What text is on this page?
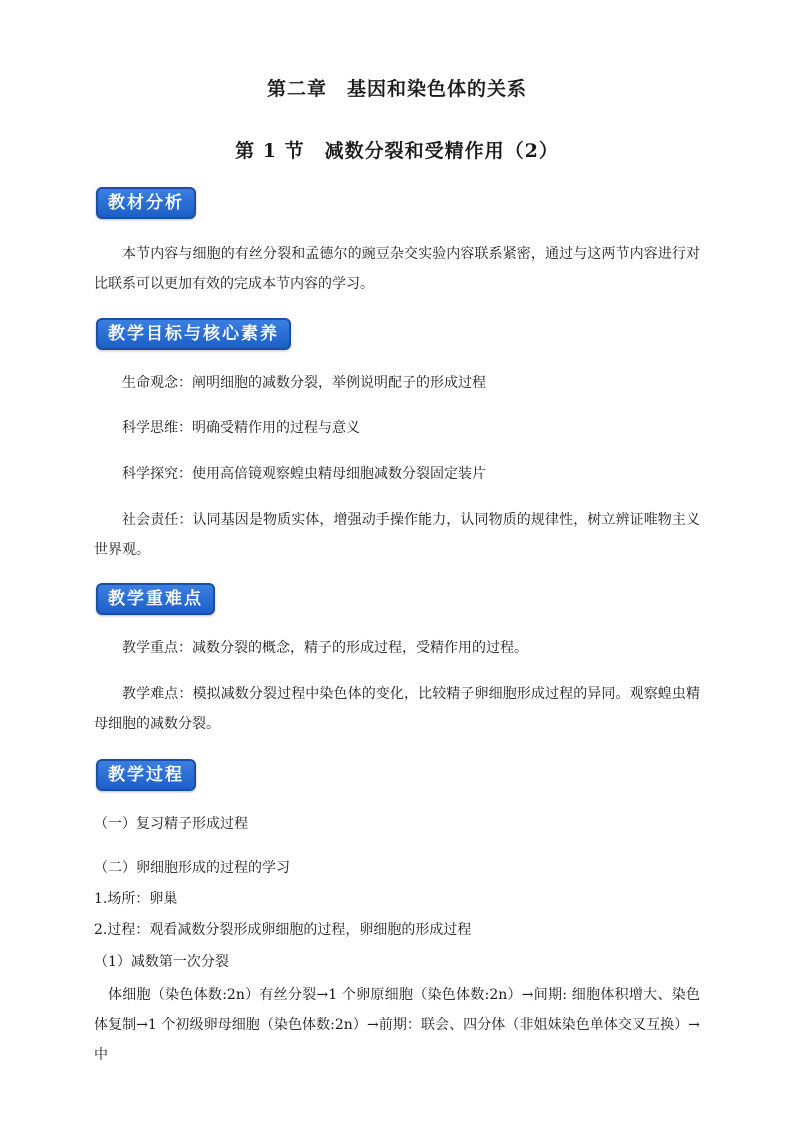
第二章　基因和染色体的关系
第 1 节　减数分裂和受精作用（2）
教材分析
本节内容与细胞的有丝分裂和孟德尔的豌豆杂交实验内容联系紧密，通过与这两节内容进行对比联系可以更加有效的完成本节内容的学习。
教学目标与核心素养
生命观念：阐明细胞的减数分裂，举例说明配子的形成过程
科学思维：明确受精作用的过程与意义
科学探究：使用高倍镜观察蝗虫精母细胞减数分裂固定装片
社会责任：认同基因是物质实体，增强动手操作能力，认同物质的规律性，树立辨证唯物主义世界观。
教学重难点
教学重点：减数分裂的概念，精子的形成过程，受精作用的过程。
教学难点：模拟减数分裂过程中染色体的变化，比较精子卵细胞形成过程的异同。观察蝗虫精母细胞的减数分裂。
教学过程
（一）复习精子形成过程
（二）卵细胞形成的过程的学习
1.场所：卵巢
2.过程：观看减数分裂形成卵细胞的过程，卵细胞的形成过程
（1）减数第一次分裂
体细胞（染色体数:2n）有丝分裂→1 个卵原细胞（染色体数:2n）→间期: 细胞体积增大、染色体复制→1 个初级卵母细胞（染色体数:2n）→前期：联会、四分体（非姐妹染色单体交叉互换）→中
